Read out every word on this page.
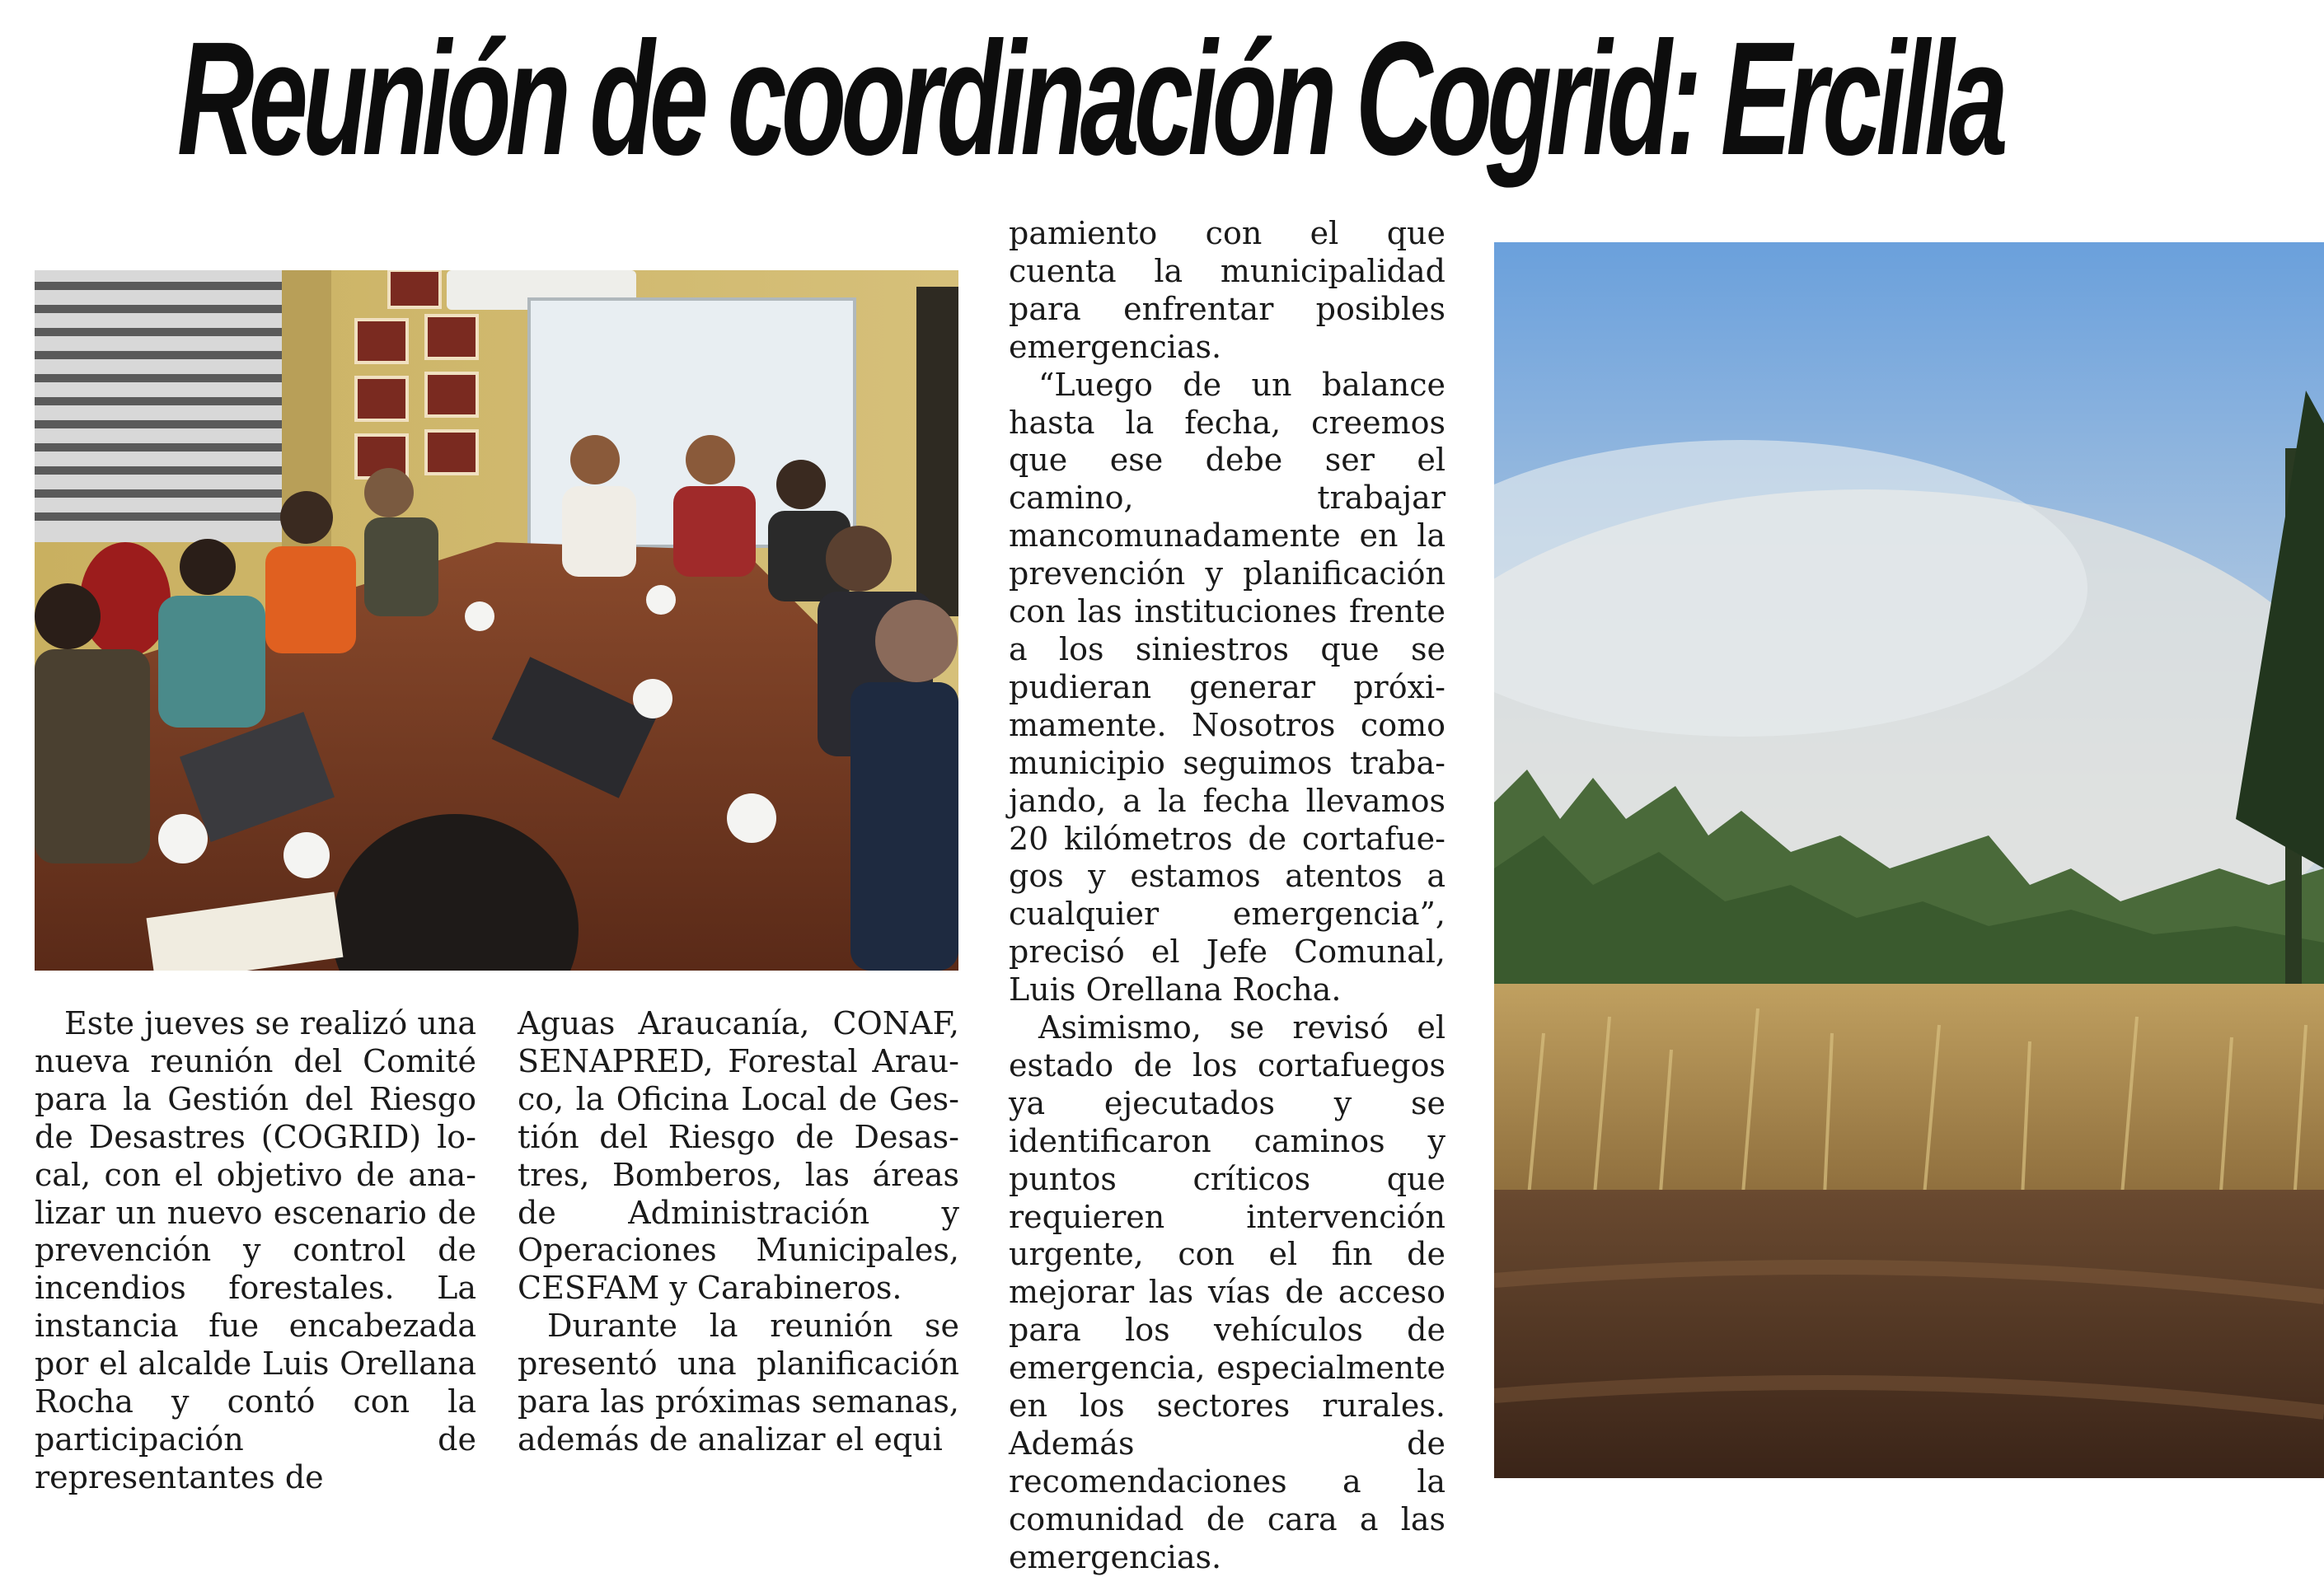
Reunión de coordinación Cogrid: Ercilla

Este jueves se realizó una nueva reunión del Comité para la Gestión del Riesgo de Desastres (COGRID) local, con el objetivo de analizar un nuevo escenario de prevención y control de incendios forestales. La instancia fue encabezada por el alcalde Luis Orellana Rocha y contó con la participación de representantes de

Aguas Araucanía, CONAF, SENAPRED, Forestal Arauco, la Oficina Local de Gestión del Riesgo de Desastres, Bomberos, las áreas de Administración y Operaciones Municipales, CESFAM y Carabineros.

Durante la reunión se presentó una planificación para las próximas semanas, además de analizar el equi

pamiento con el que cuenta la municipalidad para enfrentar posibles emergencias.

“Luego de un balance hasta la fecha, creemos que ese debe ser el camino, trabajar mancomunadamente en la prevención y planificación con las instituciones frente a los siniestros que se pudieran generar próximamente. Nosotros como municipio seguimos trabajando, a la fecha llevamos 20 kilómetros de cortafuegos y estamos atentos a cualquier emergencia”, precisó el Jefe Comunal, Luis Orellana Rocha.

Asimismo, se revisó el estado de los cortafuegos ya ejecutados y se identificaron caminos y puntos críticos que requieren intervención urgente, con el fin de mejorar las vías de acceso para los vehículos de emergencia, especialmente en los sectores rurales. Además de recomendaciones a la comunidad de cara a las emergencias.
